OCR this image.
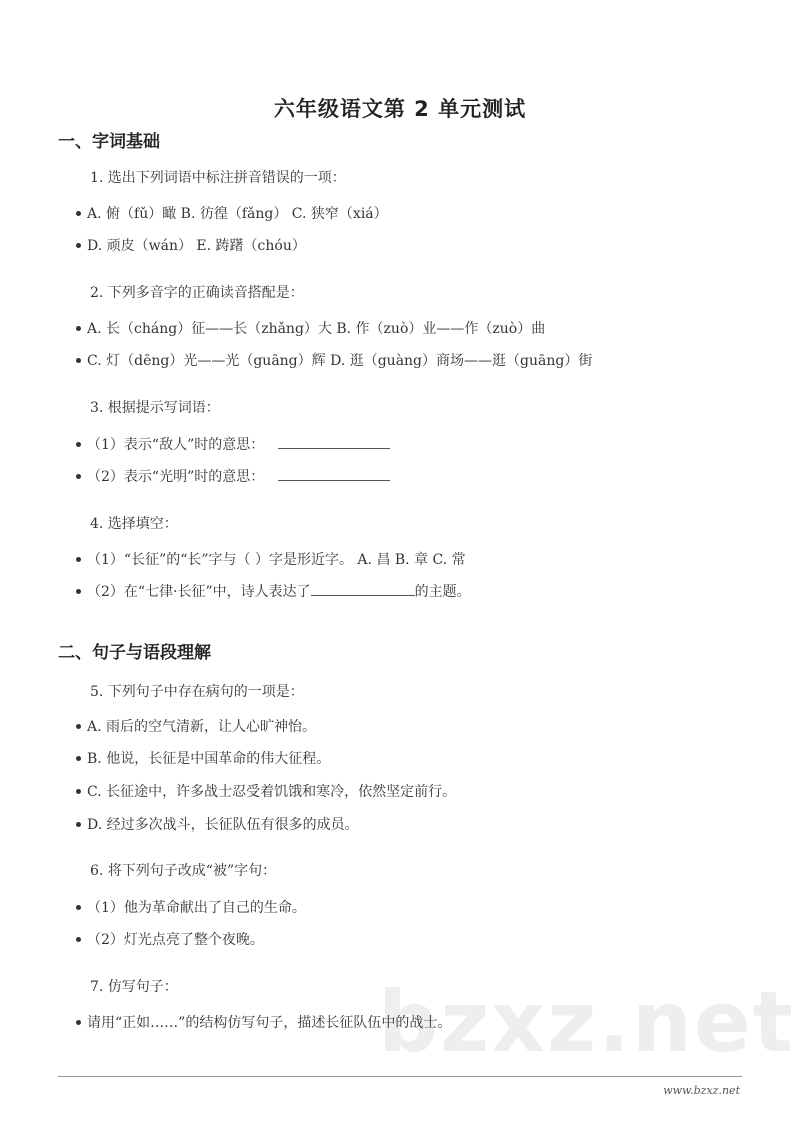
bzxz.net
六年级语文第 2 单元测试
一、字词基础
1. 选出下列词语中标注拼音错误的一项：
A. 俯（fǔ）瞰 B. 彷徨（fǎng） C. 狭窄（xiá）
D. 顽皮（wán） E. 踌躇（chóu）
2. 下列多音字的正确读音搭配是：
A. 长（cháng）征——长（zhǎng）大 B. 作（zuò）业——作（zuò）曲
C. 灯（dēng）光——光（guāng）辉 D. 逛（guàng）商场——逛（guāng）街
3. 根据提示写词语：
（1）表示“敌人”时的意思：
（2）表示“光明”时的意思：
4. 选择填空：
（1）“长征”的“长”字与（ ）字是形近字。 A. 昌 B. 章 C. 常
（2）在“七律·长征”中，诗人表达了	的主题。
二、句子与语段理解
5. 下列句子中存在病句的一项是：
A. 雨后的空气清新，让人心旷神怡。
B. 他说，长征是中国革命的伟大征程。
C. 长征途中，许多战士忍受着饥饿和寒冷，依然坚定前行。
D. 经过多次战斗，长征队伍有很多的成员。
6. 将下列句子改成“被”字句：
（1）他为革命献出了自己的生命。
（2）灯光点亮了整个夜晚。
7. 仿写句子：
请用“正如……”的结构仿写句子，描述长征队伍中的战士。
www.bzxz.net
